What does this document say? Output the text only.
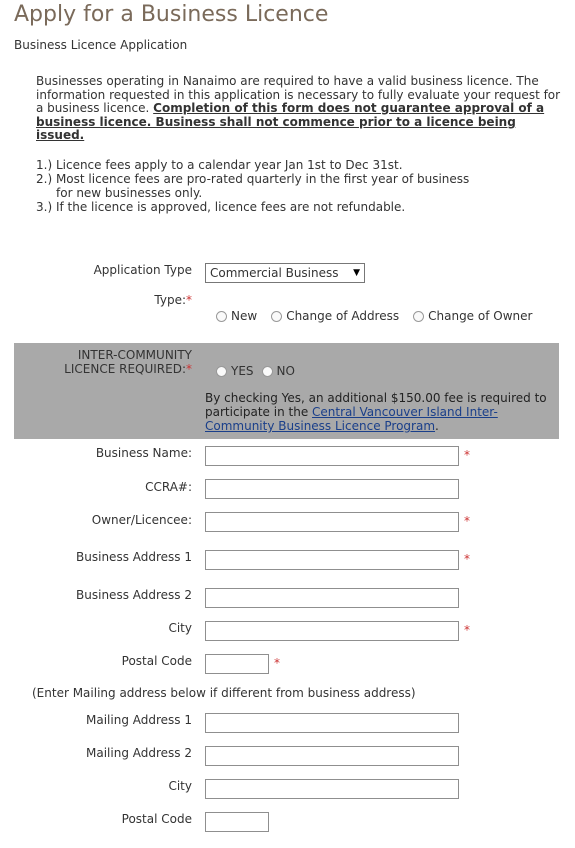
Apply for a Business Licence
Business Licence Application
Businesses operating in Nanaimo are required to have a valid business licence. The information requested in this application is necessary to fully evaluate your request for a business licence. Completion of this form does not guarantee approval of a business licence. Business shall not commence prior to a licence being issued.
1.) Licence fees apply to a calendar year Jan 1st to Dec 31st.
2.) Most licence fees are pro-rated quarterly in the first year of business
for new businesses only.
3.) If the licence is approved, licence fees are not refundable.
Application Type	Commercial Business ▼
Type:*
New Change of Address Change of Owner
INTER-COMMUNITY
LICENCE REQUIRED:*	YES NO
By checking Yes, an additional $150.00 fee is required to participate in the Central Vancouver Island Inter-Community Business Licence Program.
Business Name:	*
CCRA#:
Owner/Licencee:	*
Business Address 1	*
Business Address 2
City	*
Postal Code	*
(Enter Mailing address below if different from business address)
Mailing Address 1
Mailing Address 2
City
Postal Code
